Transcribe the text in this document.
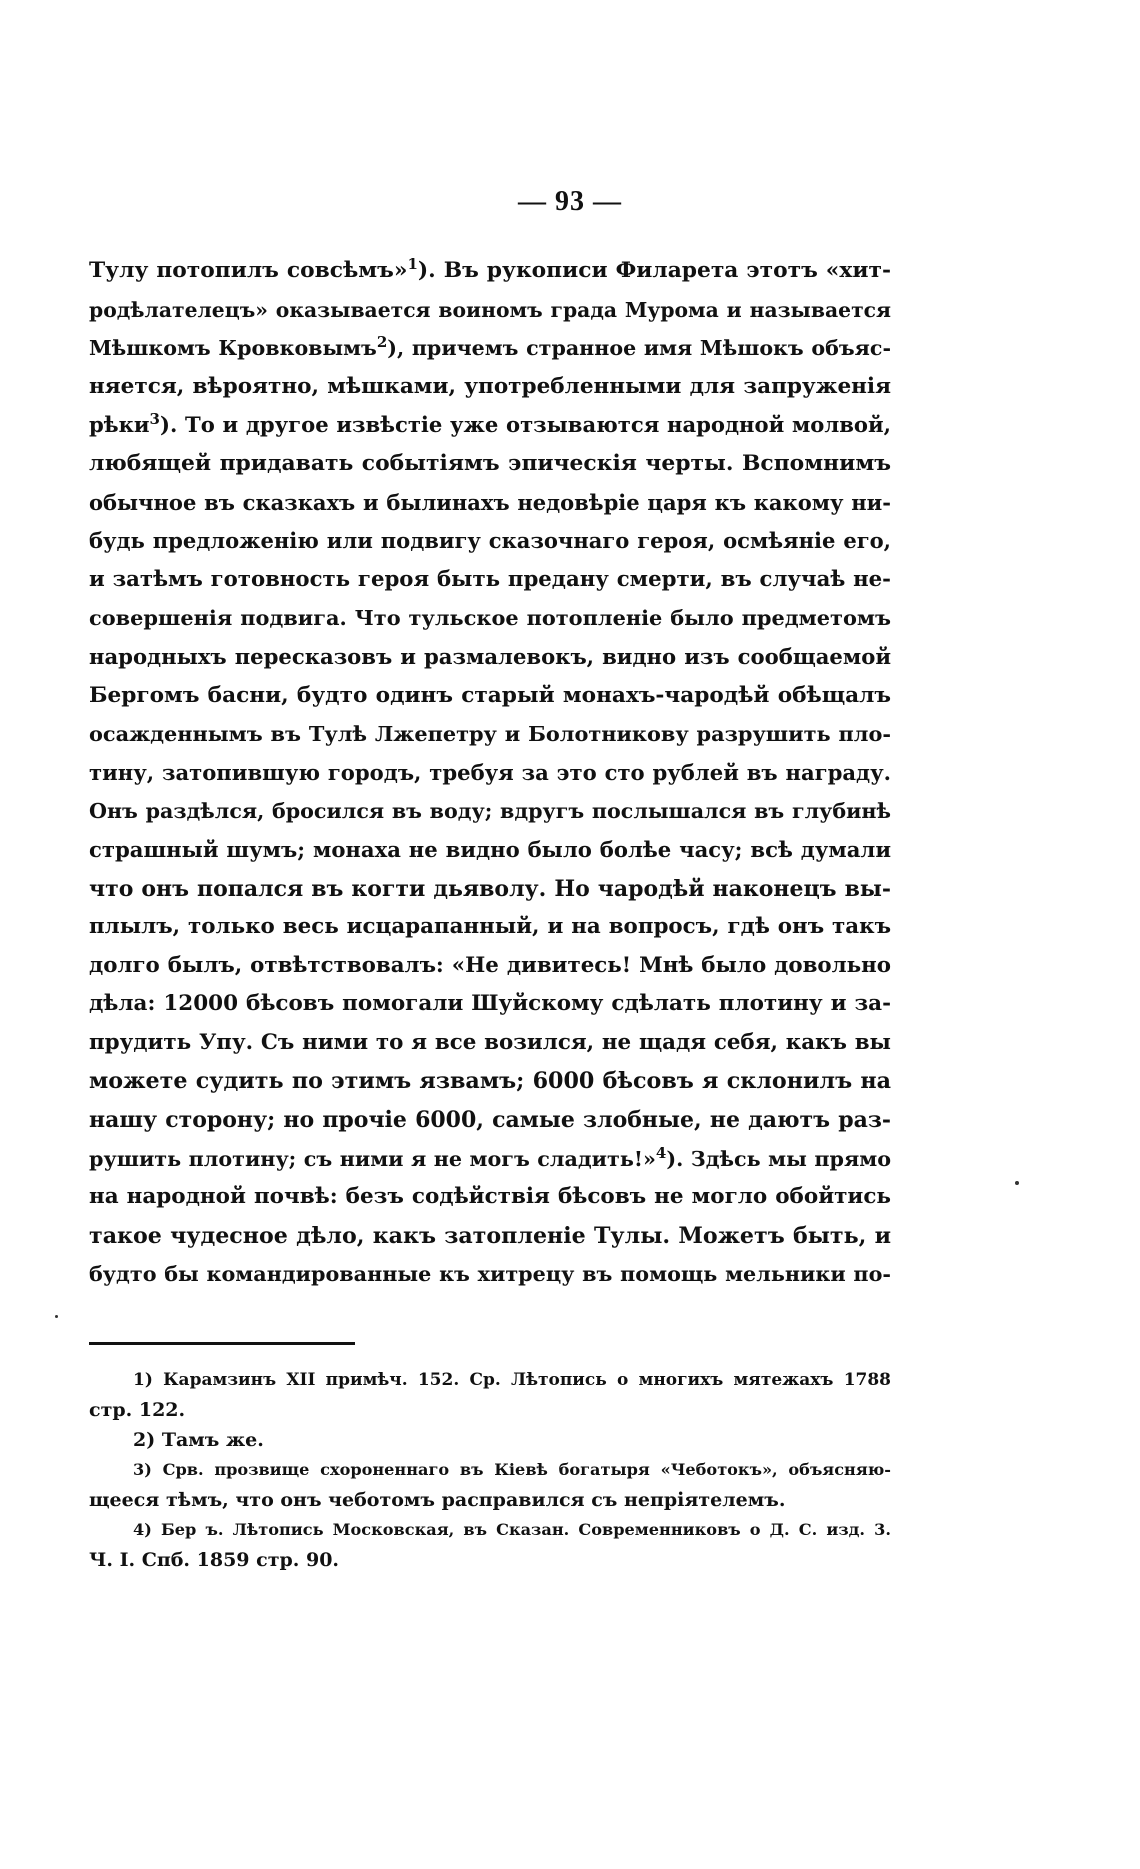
— 93 —
Тулу потопилъ совсѣмъ»$^1$). Въ рукописи Филарета этотъ «хит-
родѣлателецъ» оказывается воиномъ града Мурома и называется
Мѣшкомъ Кровковымъ$^2$), причемъ странное имя Мѣшокъ объяс-
няется, вѣроятно, мѣшками, употребленными для запруженія
рѣки$^3$). То и другое извѣстіе уже отзываются народной молвой,
любящей придавать событіямъ эпическія черты. Вспомнимъ
обычное въ сказкахъ и былинахъ недовѣріе царя къ какому ни-
будь предложенію или подвигу сказочнаго героя, осмѣяніе его,
и затѣмъ готовность героя быть предану смерти, въ случаѣ не-
совершенія подвига. Что тульское потопленіе было предметомъ
народныхъ пересказовъ и размалевокъ, видно изъ сообщаемой
Бергомъ басни, будто одинъ старый монахъ-чародѣй обѣщалъ
осажденнымъ въ Тулѣ Лжепетру и Болотникову разрушить пло-
тину, затопившую городъ, требуя за это сто рублей въ награду.
Онъ раздѣлся, бросился въ воду; вдругъ послышался въ глубинѣ
страшный шумъ; монаха не видно было болѣе часу; всѣ думали
что онъ попался въ когти дьяволу. Но чародѣй наконецъ вы-
плылъ, только весь исцарапанный, и на вопросъ, гдѣ онъ такъ
долго былъ, отвѣтствовалъ: «Не дивитесь! Мнѣ было довольно
дѣла: 12000 бѣсовъ помогали Шуйскому сдѣлать плотину и за-
прудить Упу. Съ ними то я все возился, не щадя себя, какъ вы
можете судить по этимъ язвамъ; 6000 бѣсовъ я склонилъ на
нашу сторону; но прочіе 6000, самые злобные, не даютъ раз-
рушить плотину; съ ними я не могъ сладить!»$^4$). Здѣсь мы прямо
на народной почвѣ: безъ содѣйствія бѣсовъ не могло обойтись
такое чудесное дѣло, какъ затопленіе Тулы. Можетъ быть, и
будто бы командированные къ хитрецу въ помощь мельники по-
1) Карамзинъ XII примѣч. 152. Ср. Лѣтопись о многихъ мятежахъ 1788
стр. 122.
2) Тамъ же.
3) Срв. прозвище схороненнаго въ Кіевѣ богатыря «Чеботокъ», объясняю-
щееся тѣмъ, что онъ чеботомъ расправился съ непріятелемъ.
4) Бер ъ. Лѣтопись Московская, въ Сказан. Современниковъ о Д. С. изд. 3.
Ч. I. Спб. 1859 стр. 90.
